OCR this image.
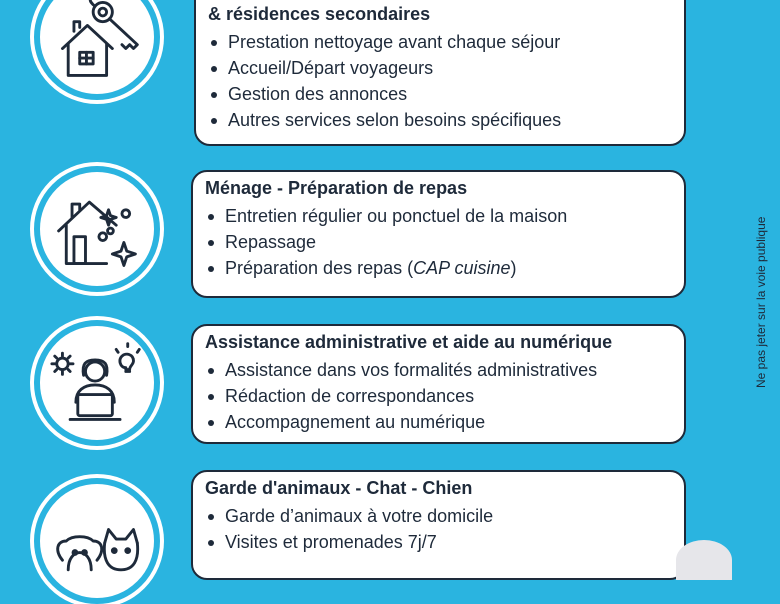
& résidences secondaires
Prestation nettoyage avant chaque séjour
Accueil/Départ voyageurs
Gestion des annonces
Autres services selon besoins spécifiques
Ménage - Préparation de repas
Entretien régulier ou ponctuel de la maison
Repassage
Préparation des repas (CAP cuisine)
Assistance administrative et aide au numérique
Assistance dans vos formalités administratives
Rédaction de correspondances
Accompagnement au numérique
Garde d'animaux - Chat - Chien
Garde d’animaux à votre domicile
Visites et promenades 7j/7
Ne pas jeter sur la voie publique
